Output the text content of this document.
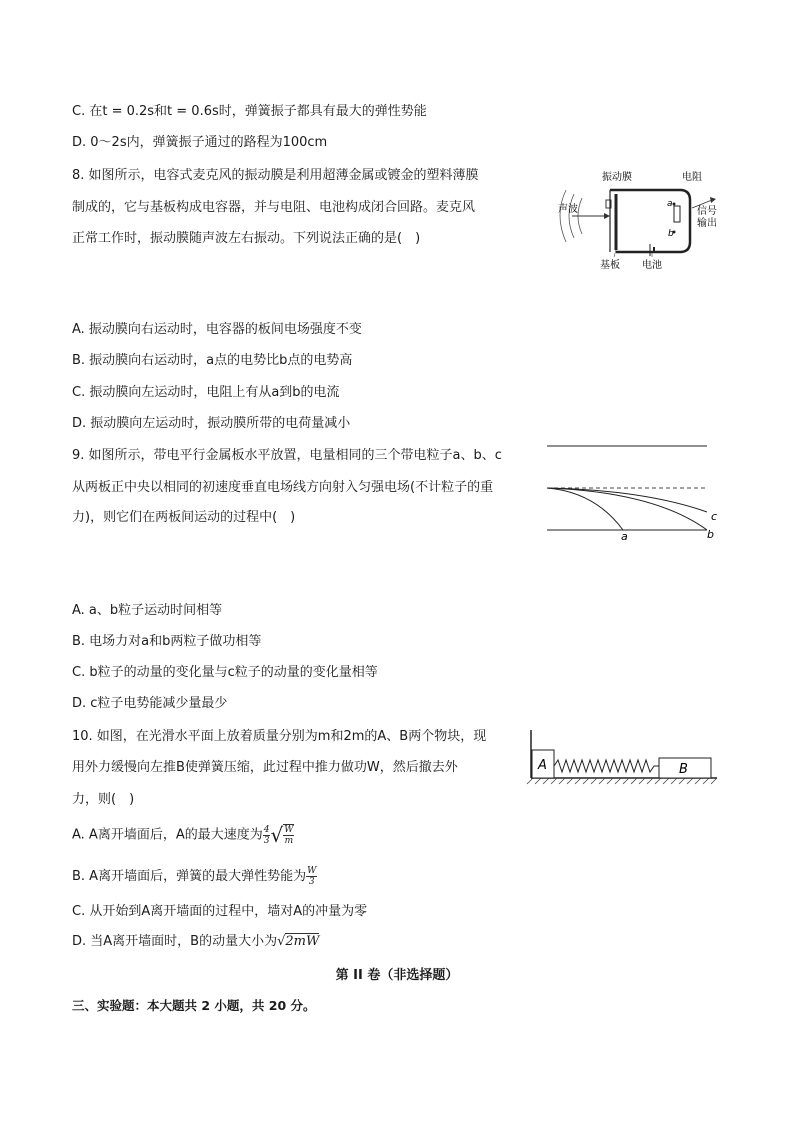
C. 在t = 0.2s和t = 0.6s时，弹簧振子都具有最大的弹性势能
D. 0～2s内，弹簧振子通过的路程为100cm
8. 如图所示，电容式麦克风的振动膜是利用超薄金属或镀金的塑料薄膜
制成的，它与基板构成电容器，并与电阻、电池构成闭合回路。麦克风
正常工作时，振动膜随声波左右振动。下列说法正确的是(　)
声波	a
b
振动膜	电阻
信号
输出
基板 电池
A. 振动膜向右运动时，电容器的板间电场强度不变
B. 振动膜向右运动时，a点的电势比b点的电势高
C. 振动膜向左运动时，电阻上有从a到b的电流
D. 振动膜向左运动时，振动膜所带的电荷量减小
9. 如图所示，带电平行金属板水平放置，电量相同的三个带电粒子a、b、c
从两板正中央以相同的初速度垂直电场线方向射入匀强电场(不计粒子的重
力)，则它们在两板间运动的过程中(　)
a	b
c
A. a、b粒子运动时间相等
B. 电场力对a和b两粒子做功相等
C. b粒子的动量的变化量与c粒子的动量的变化量相等
D. c粒子电势能减少量最少
10. 如图，在光滑水平面上放着质量分别为m和2m的A、B两个物块，现
用外力缓慢向左推B使弹簧压缩，此过程中推力做功W，然后撤去外
力，则(　)
A	B
A. A离开墙面后，A的最大速度为 $\frac{4}{3}$ √ $\frac{W}{m}$
B. A离开墙面后，弹簧的最大弹性势能为 $\frac{W}{3}$
C. 从开始到A离开墙面的过程中，墙对A的冲量为零
D. 当A离开墙面时，B的动量大小为√2mW
第 II 卷（非选择题）
三、实验题：本大题共 2 小题，共 20 分。
